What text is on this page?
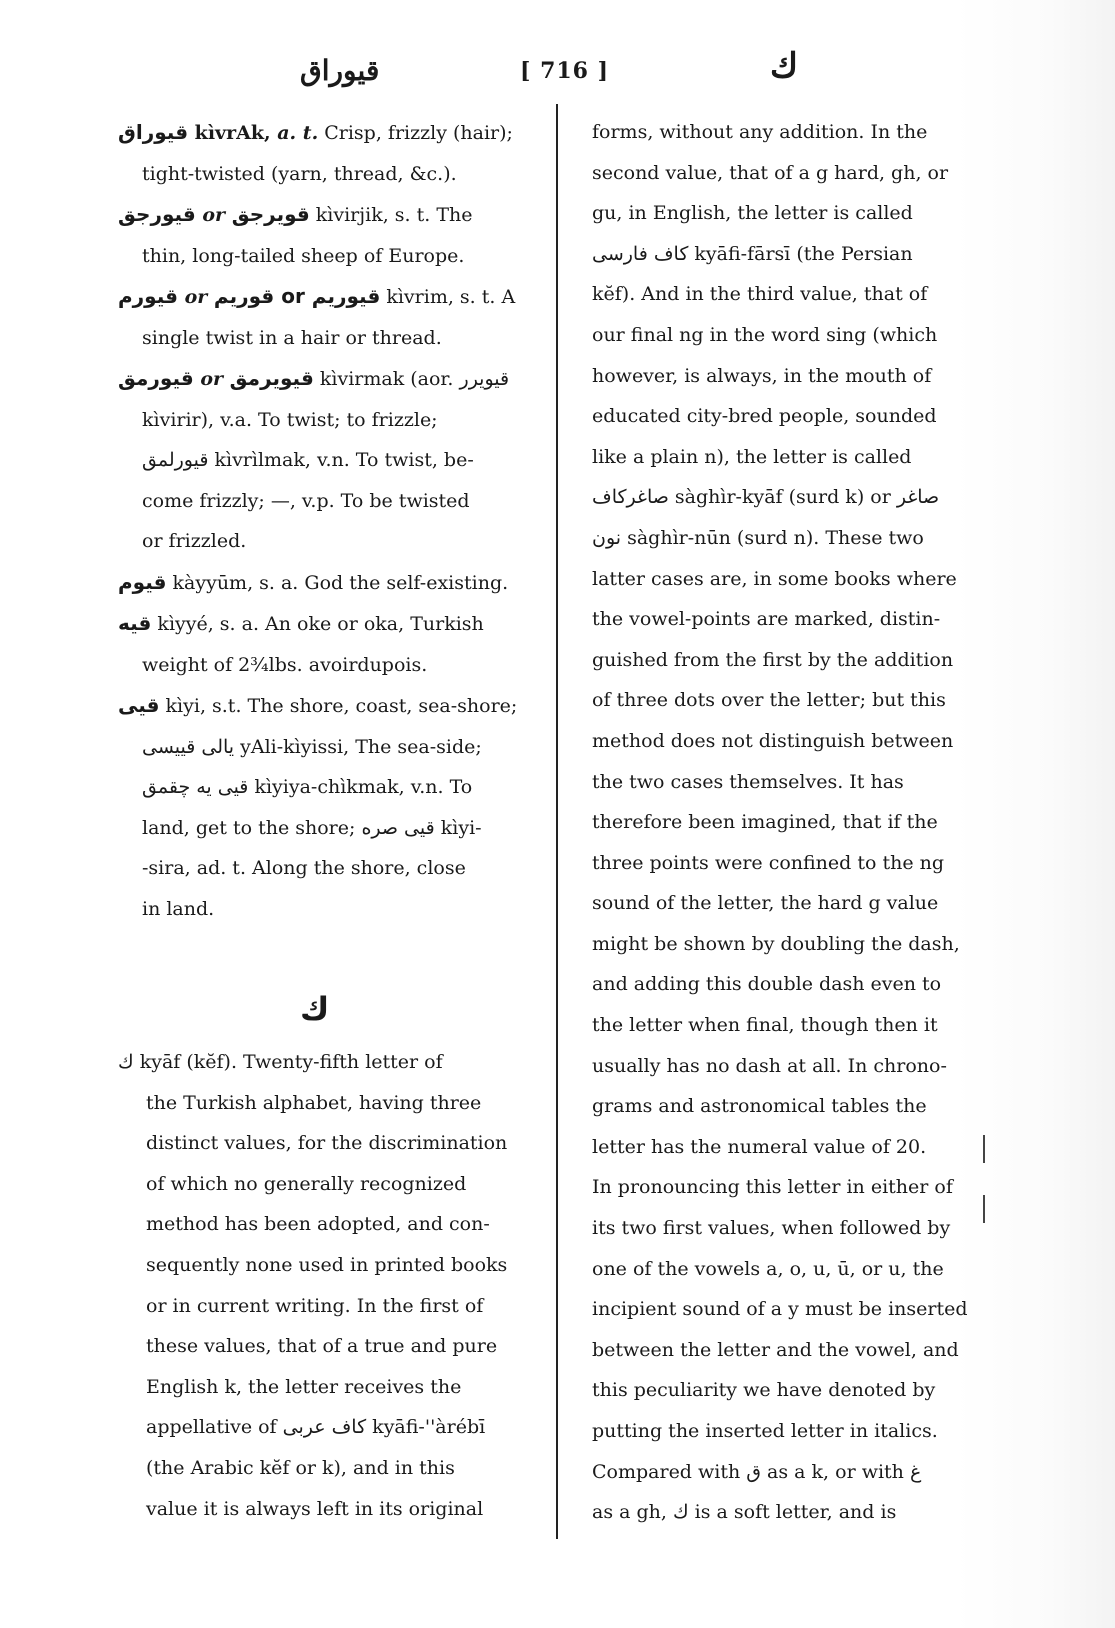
قيوراق	[ 716 ]	ك

قيوراق kìvrAk, a. t. Crisp, frizzly (hair);
tight-twisted (yarn, thread, &c.).

قيورجق or قويرجق kìvirjik, s. t. The
thin, long-tailed sheep of Europe.

قيورم or قيوريم or قوريم kìvrim, s. t. A
single twist in a hair or thread.

قيورمق or قيويرمق kìvirmak (aor. قيويرر
kìvirir), v.a. To twist; to frizzle;
قيورلمق kìvrìlmak, v.n. To twist, be-
come frizzly; —, v.p. To be twisted
or frizzled.

قيوم kàyyūm, s. a. God the self-existing.

قيه kìyyé, s. a. An oke or oka, Turkish
weight of 2¾lbs. avoirdupois.

قيى kìyi, s.t. The shore, coast, sea-shore;
يالى قييسى yAli-kìyissi, The sea-side;
قيى يه چقمق kìyiya-chìkmak, v.n. To
land, get to the shore; قيى صره kìyi-
-sira, ad. t. Along the shore, close
in land.

ك
ك kyāf (kĕf). Twenty-fifth letter of
the Turkish alphabet, having three
distinct values, for the discrimination
of which no generally recognized
method has been adopted, and con-
sequently none used in printed books
or in current writing. In the first of
these values, that of a true and pure
English k, the letter receives the
appellative of كاف عربى kyāfi-''àrébī
(the Arabic kĕf or k), and in this
value it is always left in its original
forms, without any addition. In the
second value, that of a g hard, gh, or
gu, in English, the letter is called
كاف فارسى kyāfi-fārsī (the Persian
kĕf). And in the third value, that of
our final ng in the word sing (which
however, is always, in the mouth of
educated city-bred people, sounded
like a plain n), the letter is called
صاغركاف sàghìr-kyāf (surd k) or صاغر
نون sàghìr-nūn (surd n). These two
latter cases are, in some books where
the vowel-points are marked, distin-
guished from the first by the addition
of three dots over the letter; but this
method does not distinguish between
the two cases themselves. It has
therefore been imagined, that if the
three points were confined to the ng
sound of the letter, the hard g value
might be shown by doubling the dash,
and adding this double dash even to
the letter when final, though then it
usually has no dash at all. In chrono-
grams and astronomical tables the
letter has the numeral value of 20.
In pronouncing this letter in either of
its two first values, when followed by
one of the vowels a, o, u, ū, or u, the
incipient sound of a y must be inserted
between the letter and the vowel, and
this peculiarity we have denoted by
putting the inserted letter in italics.
Compared with ق as a k, or with غ
as a gh, ك is a soft letter, and is
